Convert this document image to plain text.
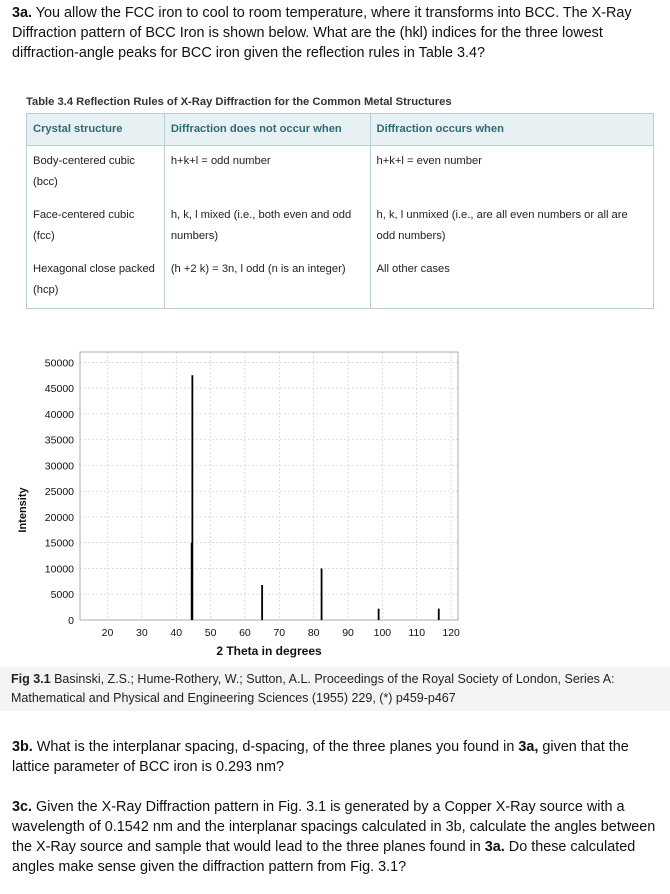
3a. You allow the FCC iron to cool to room temperature, where it transforms into BCC. The X-Ray Diffraction pattern of BCC Iron is shown below. What are the (hkl) indices for the three lowest diffraction-angle peaks for BCC iron given the reflection rules in Table 3.4?

Table 3.4 Reflection Rules of X-Ray Diffraction for the Common Metal Structures
Crystal structure	Diffraction does not occur when	Diffraction occurs when
Body-centered cubic (bcc)	h+k+l = odd number	h+k+l = even number
Face-centered cubic (fcc)	h, k, l mixed (i.e., both even and odd numbers)	h, k, l unmixed (i.e., are all even numbers or all are odd numbers)
Hexagonal close packed (hcp)	(h +2 k) = 3n, l odd (n is an integer)	All other cases
0
5000
10000
15000
20000
25000
30000
35000
40000
45000
50000
20 30 40 50 60 70 80 90 100 110 120
Intensity
2 Theta in degrees
Fig 3.1 Basinski, Z.S.; Hume-Rothery, W.; Sutton, A.L. Proceedings of the Royal Society of London, Series A: Mathematical and Physical and Engineering Sciences (1955) 229, (*) p459-p467

3b. What is the interplanar spacing, d-spacing, of the three planes you found in 3a, given that the lattice parameter of BCC iron is 0.293 nm?

3c. Given the X-Ray Diffraction pattern in Fig. 3.1 is generated by a Copper X-Ray source with a wavelength of 0.1542 nm and the interplanar spacings calculated in 3b, calculate the angles between the X-Ray source and sample that would lead to the three planes found in 3a. Do these calculated angles make sense given the diffraction pattern from Fig. 3.1?
